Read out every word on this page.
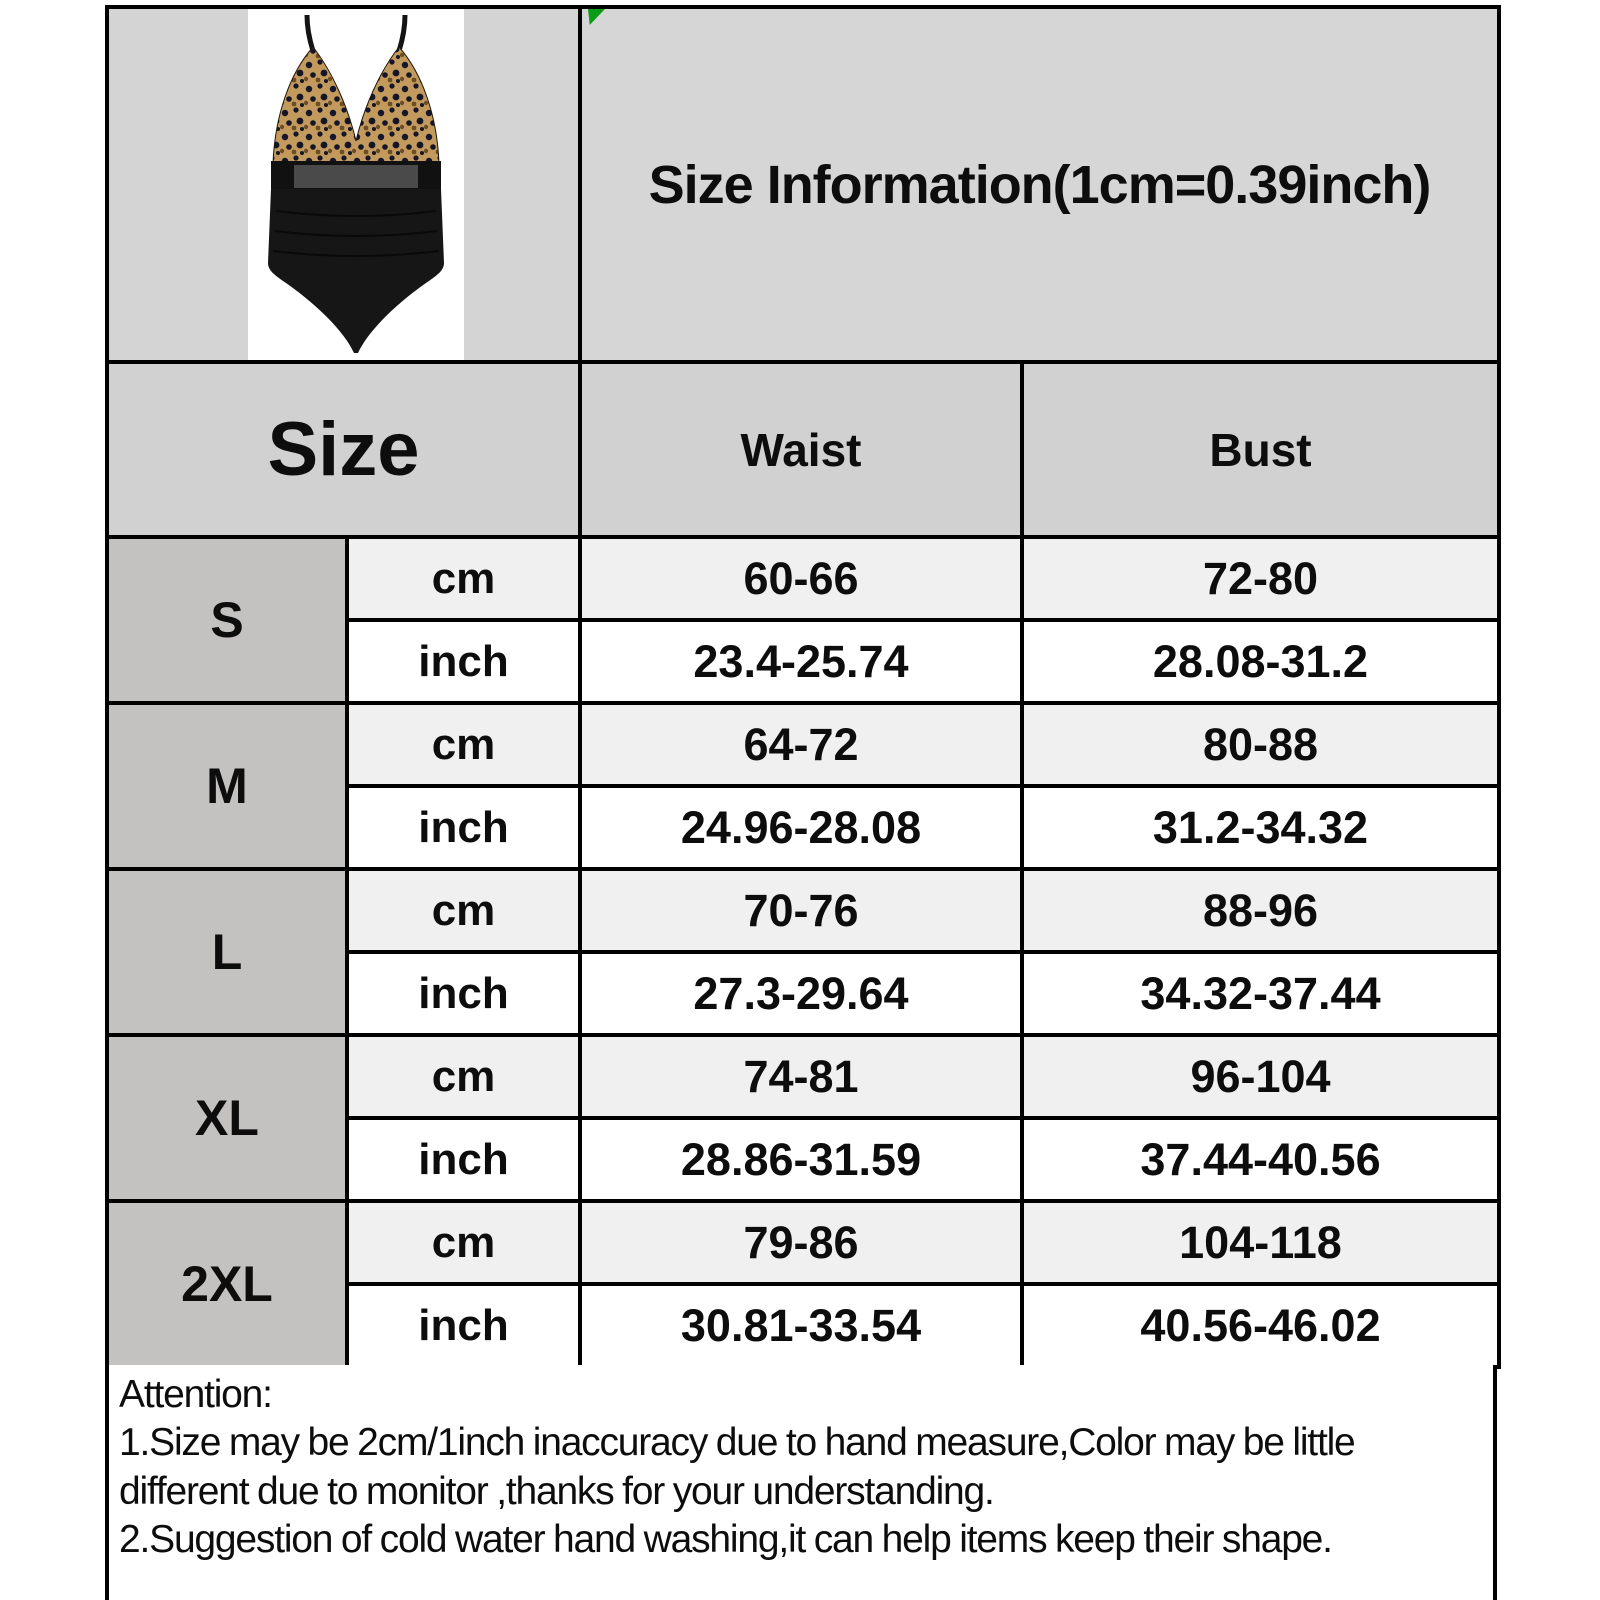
Size Information(1cm=0.39inch)	
Size		Waist	Bust
S	cm	60-66	72-80
	inch	23.4-25.74	28.08-31.2
M	cm	64-72	80-88
	inch	24.96-28.08	31.2-34.32
L	cm	70-76	88-96
	inch	27.3-29.64	34.32-37.44
XL	cm	74-81	96-104
	inch	28.86-31.59	37.44-40.56
2XL	cm	79-86	104-118
	inch	30.81-33.54	40.56-46.02
Attention:
1.Size may be 2cm/1inch inaccuracy due to hand measure,Color may be little different due to monitor ,thanks for your understanding.
2.Suggestion of cold water hand washing,it can help items keep their shape.
